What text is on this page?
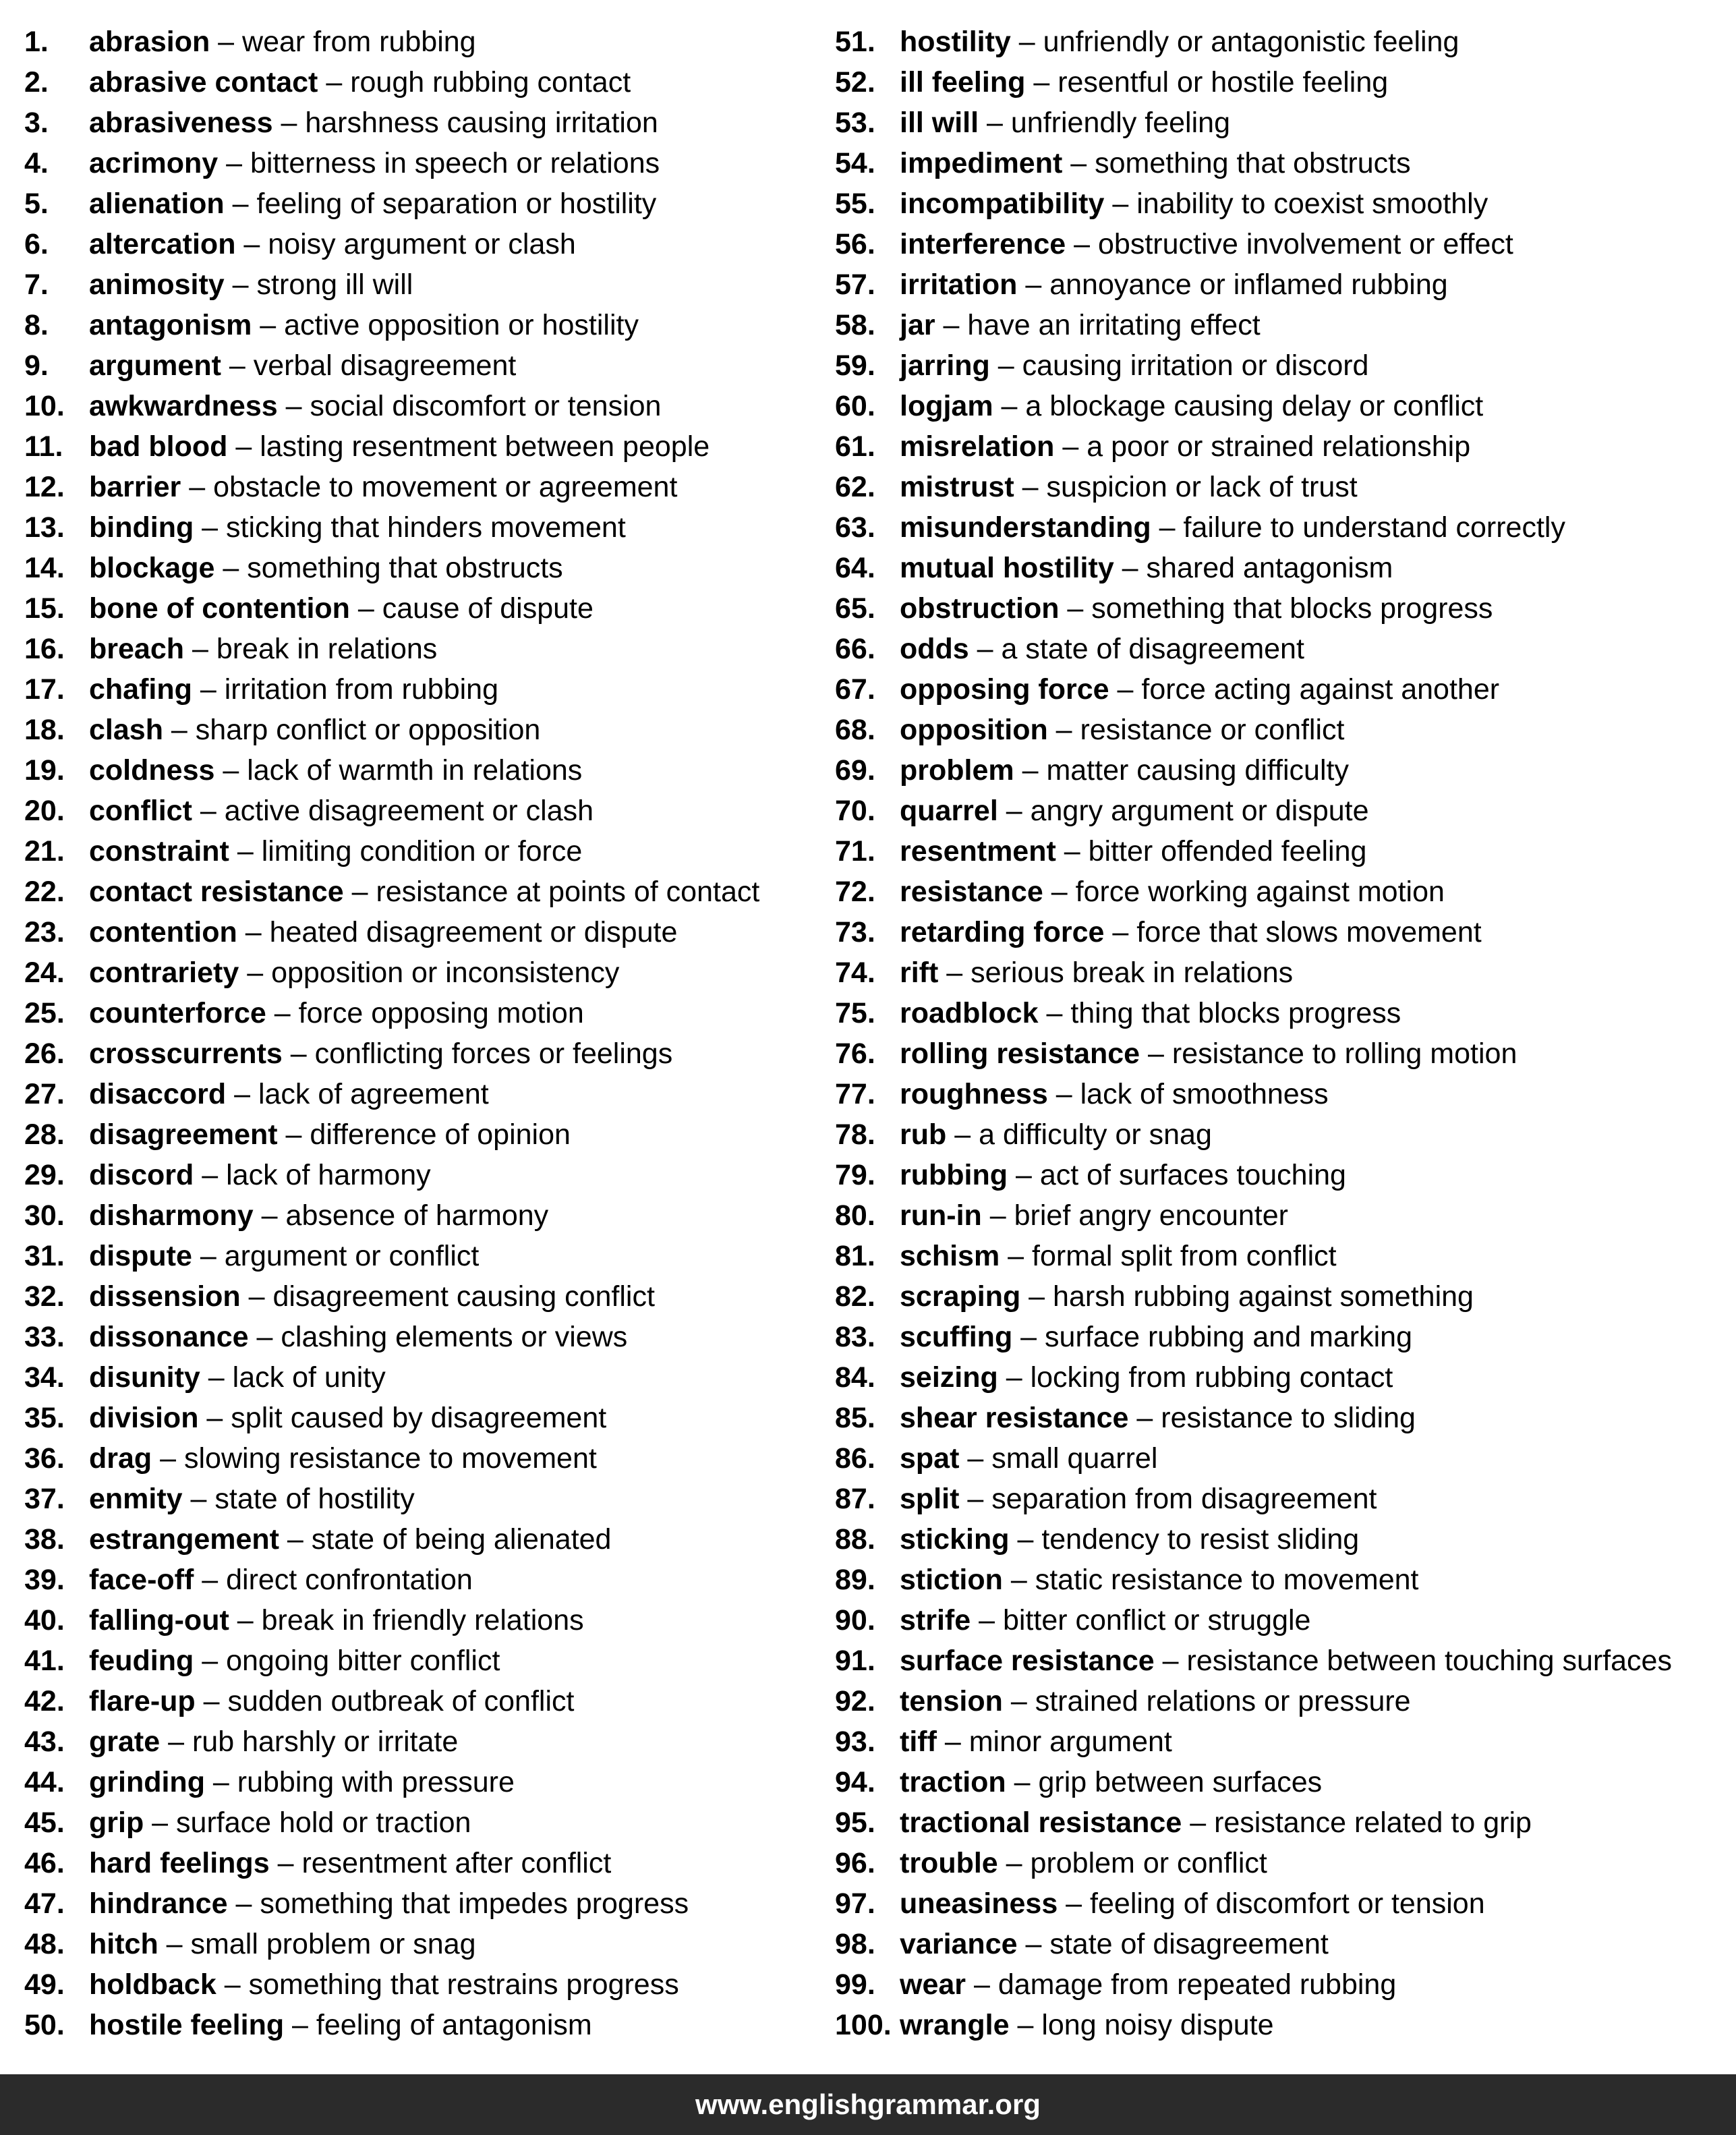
1.	abrasion – wear from rubbing
2.	abrasive contact – rough rubbing contact
3.	abrasiveness – harshness causing irritation
4.	acrimony – bitterness in speech or relations
5.	alienation – feeling of separation or hostility
6.	altercation – noisy argument or clash
7.	animosity – strong ill will
8.	antagonism – active opposition or hostility
9.	argument – verbal disagreement
10. awkwardness – social discomfort or tension
11. bad blood – lasting resentment between people
12. barrier – obstacle to movement or agreement
13. binding – sticking that hinders movement
14. blockage – something that obstructs
15. bone of contention – cause of dispute
16. breach – break in relations
17. chafing – irritation from rubbing
18. clash – sharp conflict or opposition
19. coldness – lack of warmth in relations
20. conflict – active disagreement or clash
21. constraint – limiting condition or force
22. contact resistance – resistance at points of contact
23. contention – heated disagreement or dispute
24. contrariety – opposition or inconsistency
25. counterforce – force opposing motion
26. crosscurrents – conflicting forces or feelings
27. disaccord – lack of agreement
28. disagreement – difference of opinion
29. discord – lack of harmony
30. disharmony – absence of harmony
31. dispute – argument or conflict
32. dissension – disagreement causing conflict
33. dissonance – clashing elements or views
34. disunity – lack of unity
35. division – split caused by disagreement
36. drag – slowing resistance to movement
37. enmity – state of hostility
38. estrangement – state of being alienated
39. face-off – direct confrontation
40. falling-out – break in friendly relations
41. feuding – ongoing bitter conflict
42. flare-up – sudden outbreak of conflict
43. grate – rub harshly or irritate
44. grinding – rubbing with pressure
45. grip – surface hold or traction
46. hard feelings – resentment after conflict
47. hindrance – something that impedes progress
48. hitch – small problem or snag
49. holdback – something that restrains progress
50. hostile feeling – feeling of antagonism
51. hostility – unfriendly or antagonistic feeling
52. ill feeling – resentful or hostile feeling
53. ill will – unfriendly feeling
54. impediment – something that obstructs
55. incompatibility – inability to coexist smoothly
56. interference – obstructive involvement or effect
57. irritation – annoyance or inflamed rubbing
58. jar – have an irritating effect
59. jarring – causing irritation or discord
60. logjam – a blockage causing delay or conflict
61. misrelation – a poor or strained relationship
62. mistrust – suspicion or lack of trust
63. misunderstanding – failure to understand correctly
64. mutual hostility – shared antagonism
65. obstruction – something that blocks progress
66. odds – a state of disagreement
67. opposing force – force acting against another
68. opposition – resistance or conflict
69. problem – matter causing difficulty
70. quarrel – angry argument or dispute
71. resentment – bitter offended feeling
72. resistance – force working against motion
73. retarding force – force that slows movement
74. rift – serious break in relations
75. roadblock – thing that blocks progress
76. rolling resistance – resistance to rolling motion
77. roughness – lack of smoothness
78. rub – a difficulty or snag
79. rubbing – act of surfaces touching
80. run-in – brief angry encounter
81. schism – formal split from conflict
82. scraping – harsh rubbing against something
83. scuffing – surface rubbing and marking
84. seizing – locking from rubbing contact
85. shear resistance – resistance to sliding
86. spat – small quarrel
87. split – separation from disagreement
88. sticking – tendency to resist sliding
89. stiction – static resistance to movement
90. strife – bitter conflict or struggle
91. surface resistance – resistance between touching surfaces
92. tension – strained relations or pressure
93. tiff – minor argument
94. traction – grip between surfaces
95. tractional resistance – resistance related to grip
96. trouble – problem or conflict
97. uneasiness – feeling of discomfort or tension
98. variance – state of disagreement
99. wear – damage from repeated rubbing
100. wrangle – long noisy dispute
www.englishgrammar.org
